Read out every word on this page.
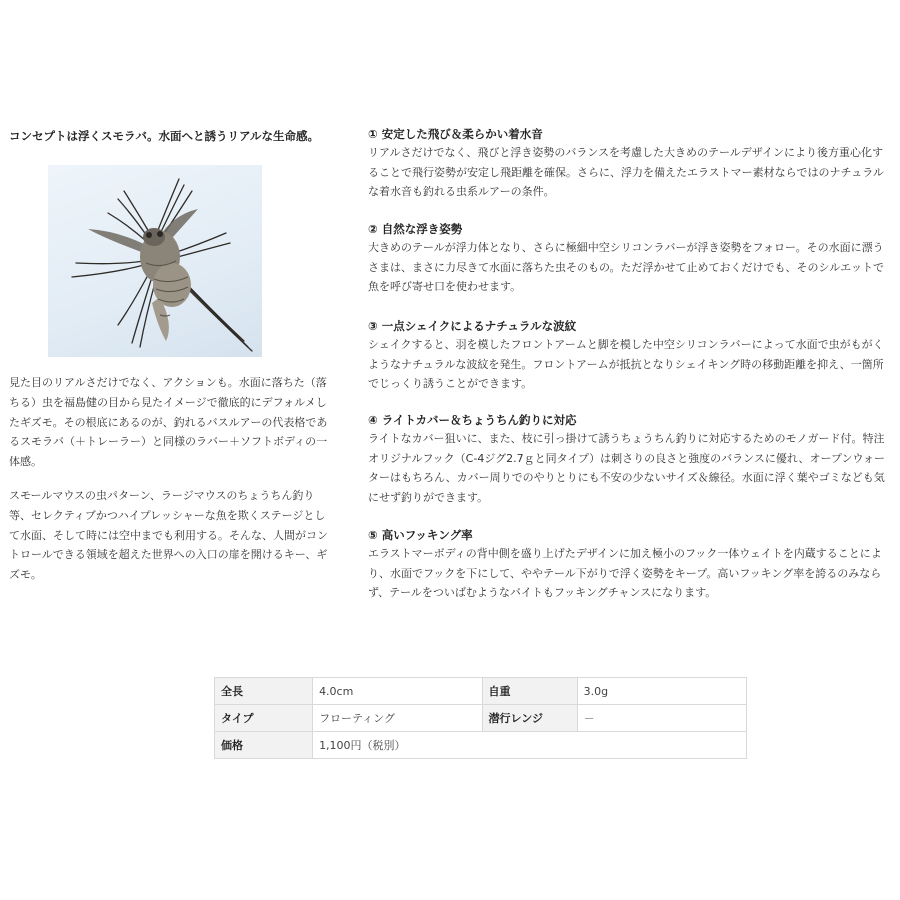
コンセプトは浮くスモラバ。水面へと誘うリアルな生命感。

見た目のリアルさだけでなく、アクションも。水面に落ちた（落ちる）虫を福島健の目から見たイメージで徹底的にデフォルメしたギズモ。その根底にあるのが、釣れるバスルアーの代表格であるスモラバ（＋トレーラー）と同様のラバー＋ソフトボディの一体感。

スモールマウスの虫パターン、ラージマウスのちょうちん釣り等、セレクティブかつハイプレッシャーな魚を欺くステージとして水面、そして時には空中までも利用する。そんな、人間がコントロールできる領域を超えた世界への入口の扉を開けるキー、ギズモ。

① 安定した飛び＆柔らかい着水音

リアルさだけでなく、飛びと浮き姿勢のバランスを考慮した大きめのテールデザインにより後方重心化することで飛行姿勢が安定し飛距離を確保。さらに、浮力を備えたエラストマー素材ならではのナチュラルな着水音も釣れる虫系ルアーの条件。

② 自然な浮き姿勢

大きめのテールが浮力体となり、さらに極細中空シリコンラバーが浮き姿勢をフォロー。その水面に漂うさまは、まさに力尽きて水面に落ちた虫そのもの。ただ浮かせて止めておくだけでも、そのシルエットで魚を呼び寄せ口を使わせます。

③ 一点シェイクによるナチュラルな波紋

シェイクすると、羽を模したフロントアームと脚を模した中空シリコンラバーによって水面で虫がもがくようなナチュラルな波紋を発生。フロントアームが抵抗となりシェイキング時の移動距離を抑え、一箇所でじっくり誘うことができます。

④ ライトカバー＆ちょうちん釣りに対応

ライトなカバー狙いに、また、枝に引っ掛けて誘うちょうちん釣りに対応するためのモノガード付。特注オリジナルフック（C-4ジグ2.7ｇと同タイプ）は刺さりの良さと強度のバランスに優れ、オープンウォーターはもちろん、カバー周りでのやりとりにも不安の少ないサイズ＆線径。水面に浮く葉やゴミなども気にせず釣りができます。

⑤ 高いフッキング率

エラストマーボディの背中側を盛り上げたデザインに加え極小のフック一体ウェイトを内蔵することにより、水面でフックを下にして、ややテール下がりで浮く姿勢をキープ。高いフッキング率を誇るのみならず、テールをついばむようなバイトもフッキングチャンスになります。

全長	4.0cm	自重	3.0g
タイプ	フローティング	潜行レンジ	－
価格	1,100円（税別）		
